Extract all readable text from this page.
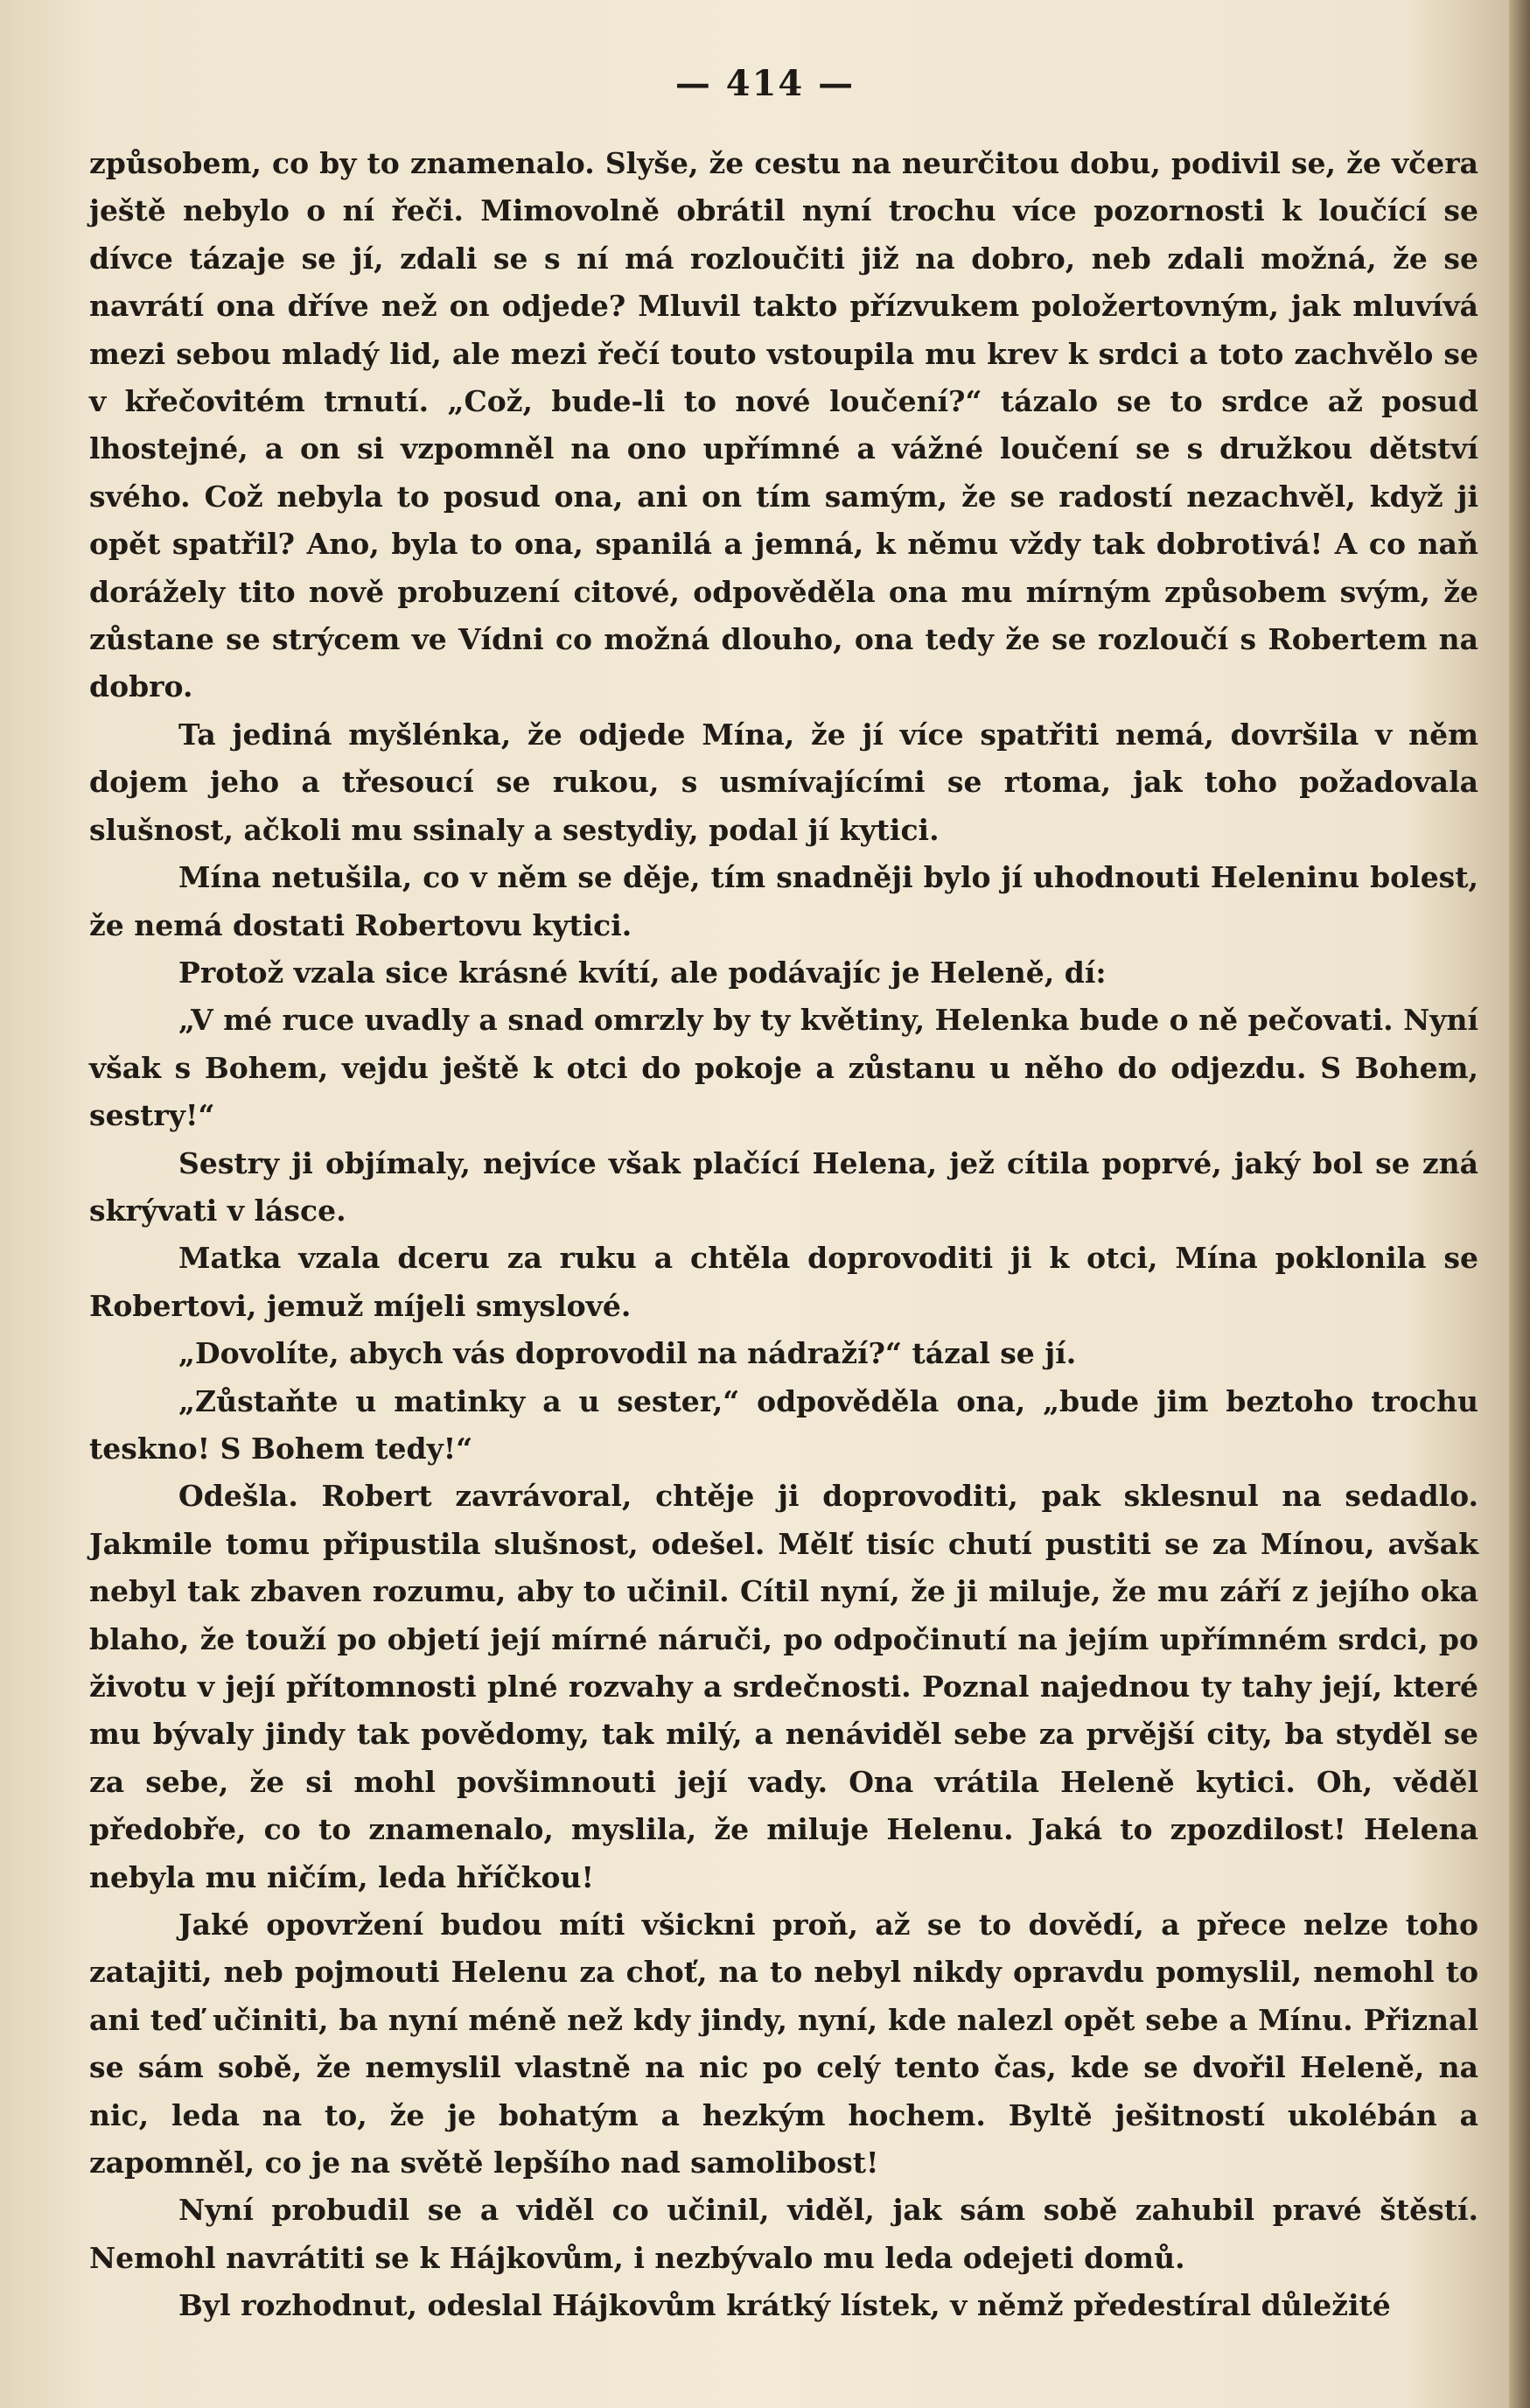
— 414 —

způsobem, co by to znamenalo. Slyše, že cestu na neurčitou dobu, podivil se, že včera ještě nebylo o ní řeči. Mimovolně obrátil nyní trochu více pozornosti k loučící se dívce tázaje se jí, zdali se s ní má rozloučiti již na dobro, neb zdali možná, že se navrátí ona dříve než on odjede? Mluvil takto přízvukem položertovným, jak mluvívá mezi sebou mladý lid, ale mezi řečí touto vstoupila mu krev k srdci a toto zachvělo se v křečovitém trnutí. „Což, bude-li to nové loučení?“ tázalo se to srdce až posud lhostejné, a on si vzpomněl na ono upřímné a vážné loučení se s družkou dětství svého. Což nebyla to posud ona, ani on tím samým, že se radostí nezachvěl, když ji opět spatřil? Ano, byla to ona, spanilá a jemná, k němu vždy tak dobrotivá! A co naň dorážely tito nově probuzení citové, odpověděla ona mu mírným způsobem svým, že zůstane se strýcem ve Vídni co možná dlouho, ona tedy že se rozloučí s Robertem na dobro.

Ta jediná myšlénka, že odjede Mína, že jí více spatřiti nemá, dovršila v něm dojem jeho a třesoucí se rukou, s usmívajícími se rtoma, jak toho požadovala slušnost, ačkoli mu ssinaly a sestydiy, podal jí kytici.

Mína netušila, co v něm se děje, tím snadněji bylo jí uhodnouti Heleninu bolest, že nemá dostati Robertovu kytici.

Protož vzala sice krásné kvítí, ale podávajíc je Heleně, dí:

„V mé ruce uvadly a snad omrzly by ty květiny, Helenka bude o ně pečovati. Nyní však s Bohem, vejdu ještě k otci do pokoje a zůstanu u něho do odjezdu. S Bohem, sestry!“

Sestry ji objímaly, nejvíce však plačící Helena, jež cítila poprvé, jaký bol se zná skrývati v lásce.

Matka vzala dceru za ruku a chtěla doprovoditi ji k otci, Mína poklonila se Robertovi, jemuž míjeli smyslové.

„Dovolíte, abych vás doprovodil na nádraží?“ tázal se jí.

„Zůstaňte u matinky a u sester,“ odpověděla ona, „bude jim beztoho trochu teskno! S Bohem tedy!“

Odešla. Robert zavrávoral, chtěje ji doprovoditi, pak sklesnul na sedadlo. Jakmile tomu připustila slušnost, odešel. Mělť tisíc chutí pustiti se za Mínou, avšak nebyl tak zbaven rozumu, aby to učinil. Cítil nyní, že ji miluje, že mu září z jejího oka blaho, že touží po objetí její mírné náruči, po odpočinutí na jejím upřímném srdci, po životu v její přítomnosti plné rozvahy a srdečnosti. Poznal najednou ty tahy její, které mu bývaly jindy tak povědomy, tak milý, a nenáviděl sebe za prvější city, ba styděl se za sebe, že si mohl povšimnouti její vady. Ona vrátila Heleně kytici. Oh, věděl předobře, co to znamenalo, myslila, že miluje Helenu. Jaká to zpozdilost! Helena nebyla mu ničím, leda hříčkou!

Jaké opovržení budou míti všickni proň, až se to dovědí, a přece nelze toho zatajiti, neb pojmouti Helenu za choť, na to nebyl nikdy opravdu pomyslil, nemohl to ani teď učiniti, ba nyní méně než kdy jindy, nyní, kde nalezl opět sebe a Mínu. Přiznal se sám sobě, že nemyslil vlastně na nic po celý tento čas, kde se dvořil Heleně, na nic, leda na to, že je bohatým a hezkým hochem. Byltě ješitností ukolébán a zapomněl, co je na světě lepšího nad samolibost!

Nyní probudil se a viděl co učinil, viděl, jak sám sobě zahubil pravé štěstí. Nemohl navrátiti se k Hájkovům, i nezbývalo mu leda odejeti domů.

Byl rozhodnut, odeslal Hájkovům krátký lístek, v němž předestíral důležité
